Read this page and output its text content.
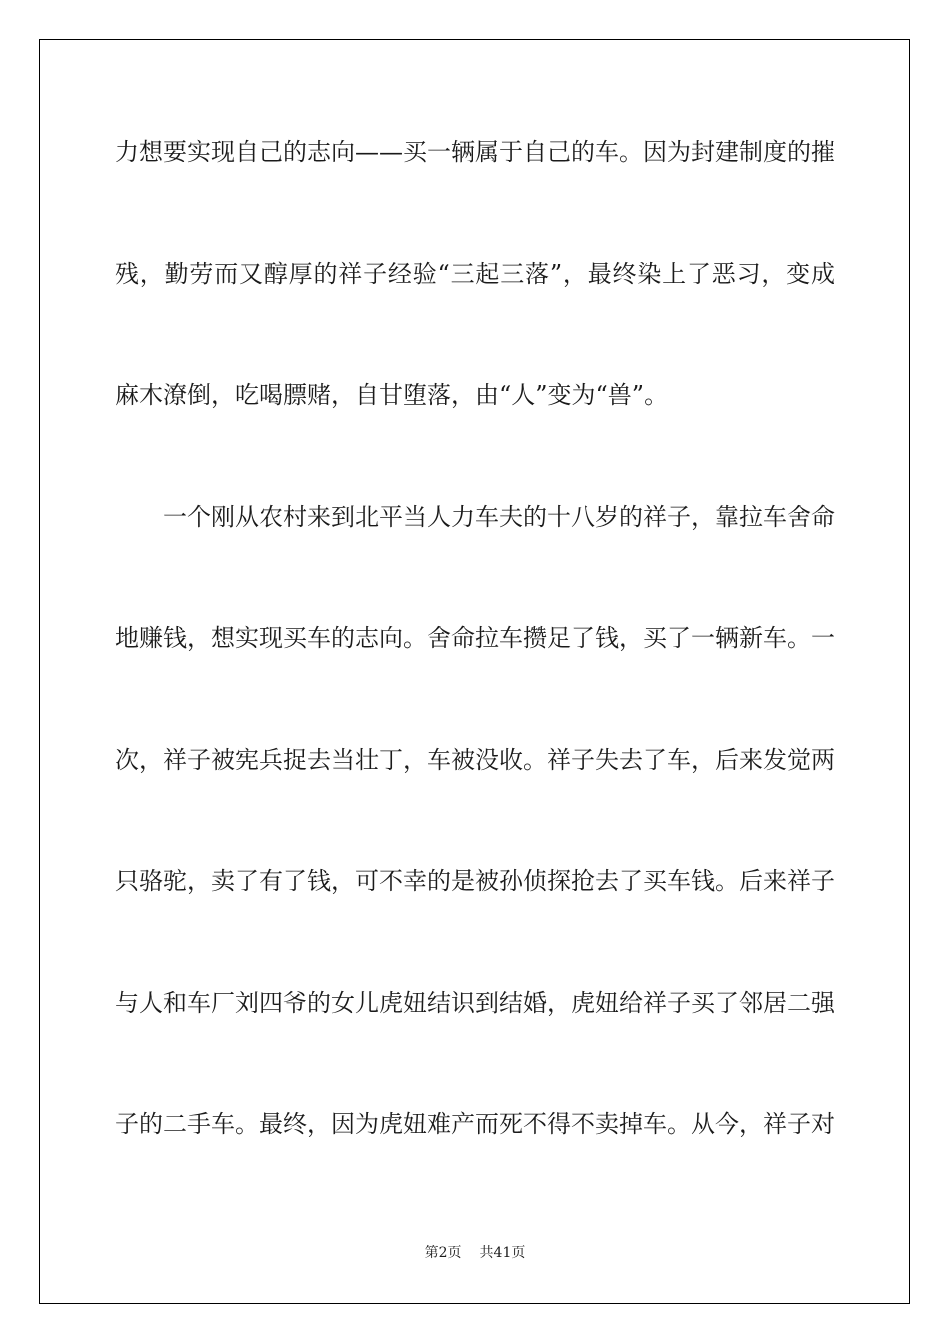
力想要实现自己的志向——买一辆属于自己的车。因为封建制度的摧

残，勤劳而又醇厚的祥子经验“三起三落”，最终染上了恶习，变成

麻木潦倒，吃喝膘赌，自甘堕落，由“人”变为“兽”。

一个刚从农村来到北平当人力车夫的十八岁的祥子，靠拉车舍命

地赚钱，想实现买车的志向。舍命拉车攒足了钱，买了一辆新车。一

次，祥子被宪兵捉去当壮丁，车被没收。祥子失去了车，后来发觉两

只骆驼，卖了有了钱，可不幸的是被孙侦探抢去了买车钱。后来祥子

与人和车厂刘四爷的女儿虎妞结识到结婚，虎妞给祥子买了邻居二强

子的二手车。最终，因为虎妞难产而死不得不卖掉车。从今，祥子对

第2页 共41页
